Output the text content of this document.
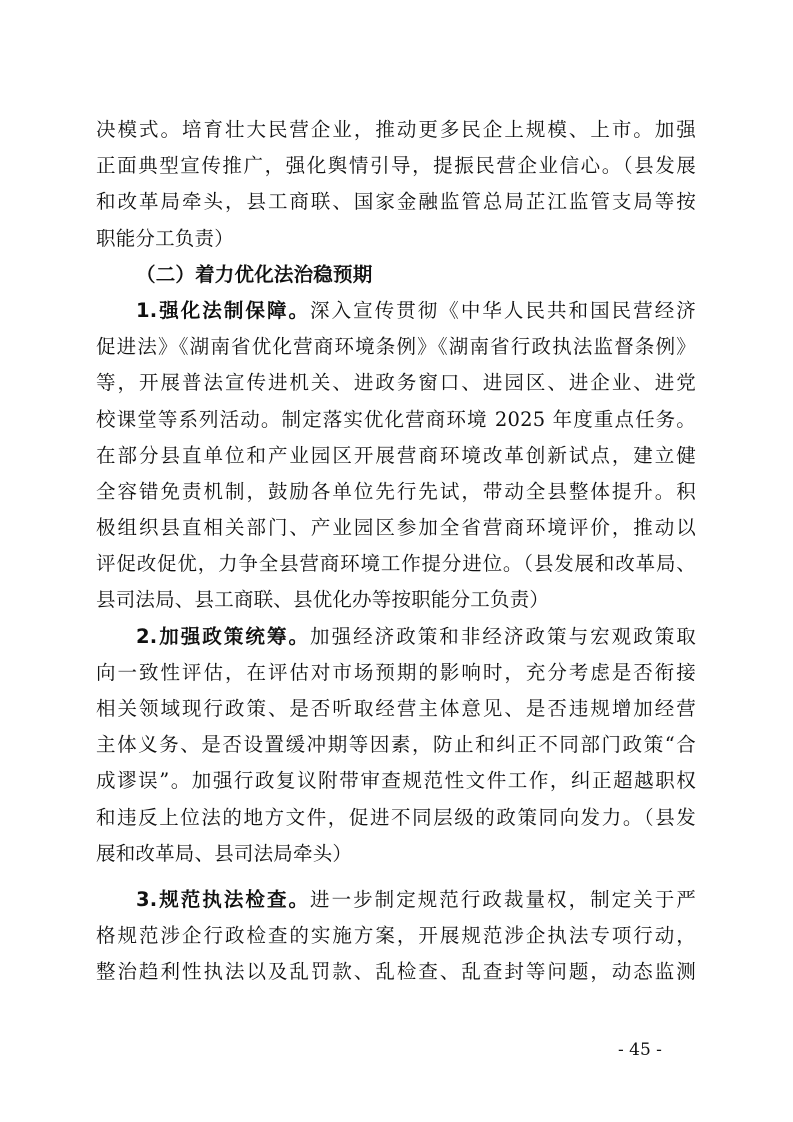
决模式。培育壮大民营企业，推动更多民企上规模、上市。加强
正面典型宣传推广，强化舆情引导，提振民营企业信心。（县发展
和改革局牵头，县工商联、国家金融监管总局芷江监管支局等按
职能分工负责）
（二）着力优化法治稳预期
1.强化法制保障。深入宣传贯彻《中华人民共和国民营经济
促进法》《湖南省优化营商环境条例》《湖南省行政执法监督条例》
等，开展普法宣传进机关、进政务窗口、进园区、进企业、进党
校课堂等系列活动。制定落实优化营商环境 2025 年度重点任务。
在部分县直单位和产业园区开展营商环境改革创新试点，建立健
全容错免责机制，鼓励各单位先行先试，带动全县整体提升。积
极组织县直相关部门、产业园区参加全省营商环境评价，推动以
评促改促优，力争全县营商环境工作提分进位。（县发展和改革局、
县司法局、县工商联、县优化办等按职能分工负责）
2.加强政策统筹。加强经济政策和非经济政策与宏观政策取
向一致性评估，在评估对市场预期的影响时，充分考虑是否衔接
相关领域现行政策、是否听取经营主体意见、是否违规增加经营
主体义务、是否设置缓冲期等因素，防止和纠正不同部门政策“合
成谬误”。加强行政复议附带审查规范性文件工作，纠正超越职权
和违反上位法的地方文件，促进不同层级的政策同向发力。（县发
展和改革局、县司法局牵头）
3.规范执法检查。进一步制定规范行政裁量权，制定关于严
格规范涉企行政检查的实施方案，开展规范涉企执法专项行动，
整治趋利性执法以及乱罚款、乱检查、乱查封等问题，动态监测
- 45 -
